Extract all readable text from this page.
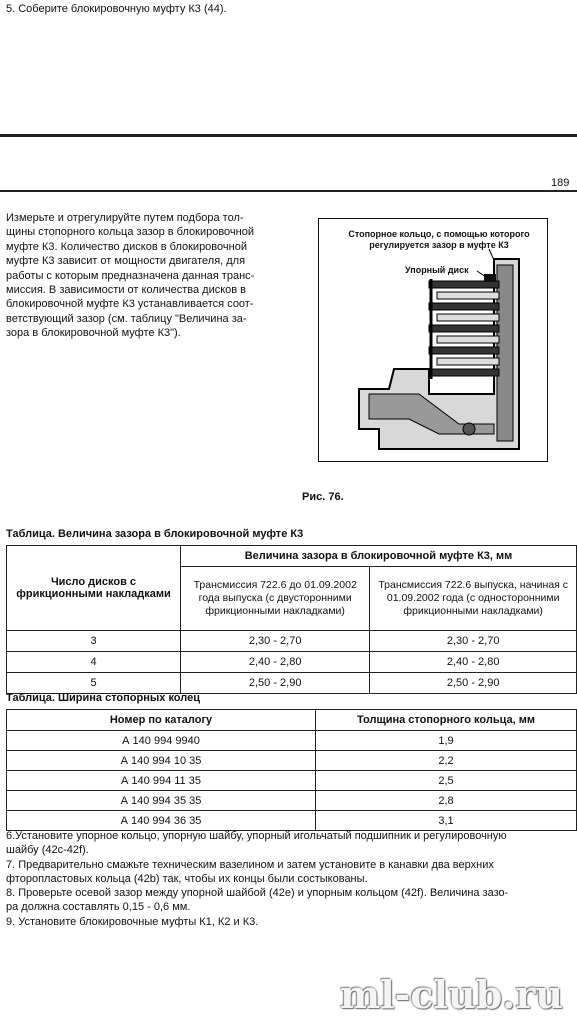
5. Соберите блокировочную муфту К3 (44).
189
Измерьте и отрегулируйте путем подбора тол-
щины стопорного кольца зазор в блокировочной
муфте К3. Количество дисков в блокировочной
муфте К3 зависит от мощности двигателя, для
работы с которым предназначена данная транс-
миссия. В зависимости от количества дисков в
блокировочной муфте К3 устанавливается соот-
ветствующий зазор (см. таблицу "Величина за-
зора в блокировочной муфте К3").
Стопорное кольцо, с помощью которого
регулируется зазор в муфте К3
Упорный диск
Рис. 76.
Таблица. Величина зазора в блокировочной муфте К3
Число дисков с фрикционными накладками	Величина зазора в блокировочной муфте К3, мм	
	Трансмиссия 722.6 до 01.09.2002 года выпуска (с двусторонними фрикционными накладками)	Трансмиссия 722.6 выпуска, начиная с 01.09.2002 года (с односторонними фрикционными накладками)
3	2,30 - 2,70	2,30 - 2,70
4	2,40 - 2,80	2,40 - 2,80
5	2,50 - 2,90	2,50 - 2,90
Таблица. Ширина стопорных колец
Номер по каталогу	Толщина стопорного кольца, мм
А 140 994 9940	1,9
А 140 994 10 35	2,2
А 140 994 11 35	2,5
А 140 994 35 35	2,8
А 140 994 36 35	3,1
6.Установите упорное кольцо, упорную шайбу, упорный игольчатый подшипник и регулировочную
шайбу (42с-42f).
7. Предварительно смажьте техническим вазелином и затем установите в канавки два верхних
фторопластовых кольца (42b) так, чтобы их концы были состыкованы.
8. Проверьте осевой зазор между упорной шайбой (42е) и упорным кольцом (42f). Величина зазо-
ра должна составлять 0,15 - 0,6 мм.
9. Установите блокировочные муфты К1, К2 и К3.
ml-club.ru
